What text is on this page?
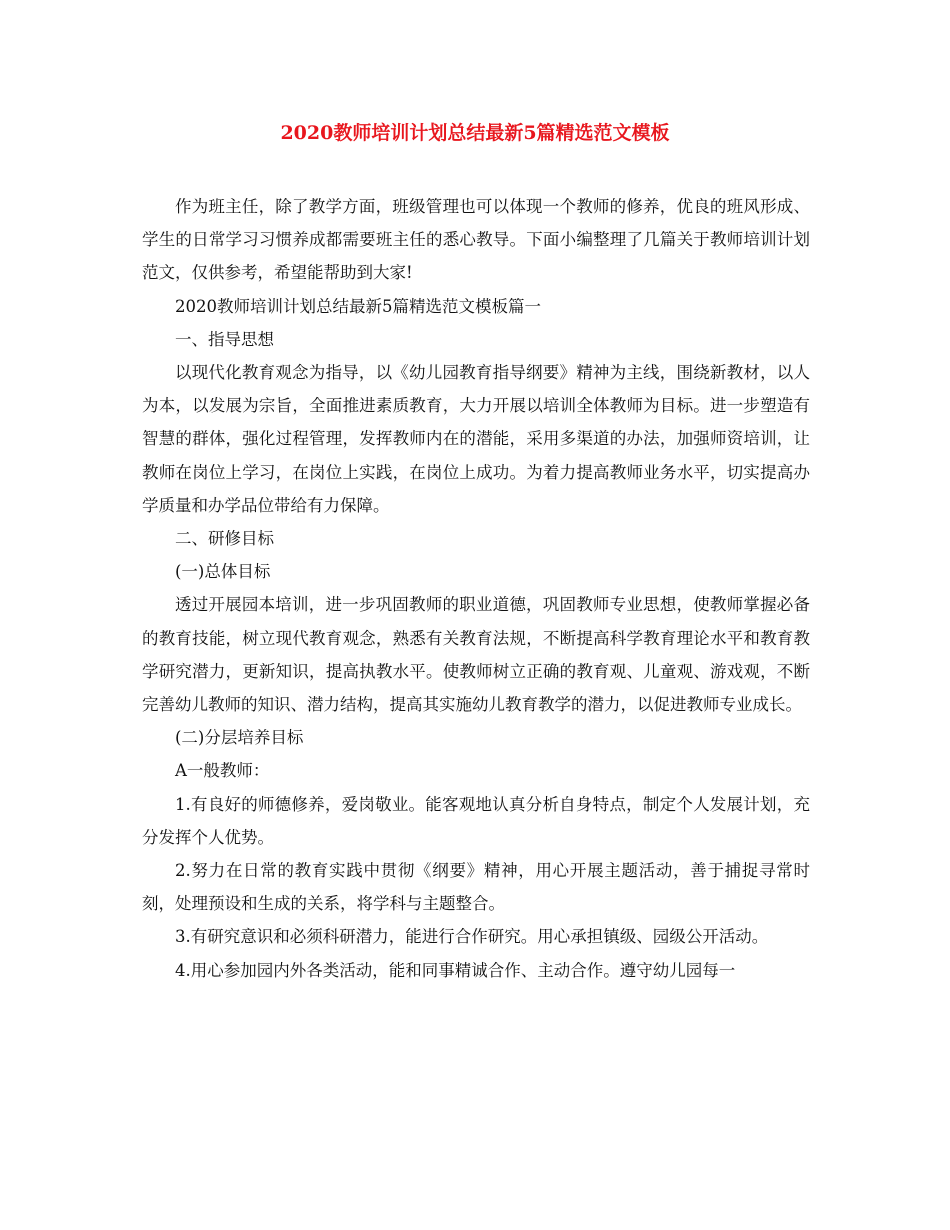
2020教师培训计划总结最新5篇精选范文模板

作为班主任，除了教学方面，班级管理也可以体现一个教师的修养，优良的班风形成、学生的日常学习习惯养成都需要班主任的悉心教导。下面小编整理了几篇关于教师培训计划范文，仅供参考，希望能帮助到大家!

2020教师培训计划总结最新5篇精选范文模板篇一

一、指导思想

以现代化教育观念为指导，以《幼儿园教育指导纲要》精神为主线，围绕新教材，以人为本，以发展为宗旨，全面推进素质教育，大力开展以培训全体教师为目标。进一步塑造有智慧的群体，强化过程管理，发挥教师内在的潜能，采用多渠道的办法，加强师资培训，让教师在岗位上学习，在岗位上实践，在岗位上成功。为着力提高教师业务水平，切实提高办学质量和办学品位带给有力保障。

二、研修目标

(一)总体目标

透过开展园本培训，进一步巩固教师的职业道德，巩固教师专业思想，使教师掌握必备的教育技能，树立现代教育观念，熟悉有关教育法规，不断提高科学教育理论水平和教育教学研究潜力，更新知识，提高执教水平。使教师树立正确的教育观、儿童观、游戏观，不断完善幼儿教师的知识、潜力结构，提高其实施幼儿教育教学的潜力，以促进教师专业成长。

(二)分层培养目标

A一般教师：

1.有良好的师德修养，爱岗敬业。能客观地认真分析自身特点，制定个人发展计划，充分发挥个人优势。

2.努力在日常的教育实践中贯彻《纲要》精神，用心开展主题活动，善于捕捉寻常时刻，处理预设和生成的关系，将学科与主题整合。

3.有研究意识和必须科研潜力，能进行合作研究。用心承担镇级、园级公开活动。

4.用心参加园内外各类活动，能和同事精诚合作、主动合作。遵守幼儿园每一
